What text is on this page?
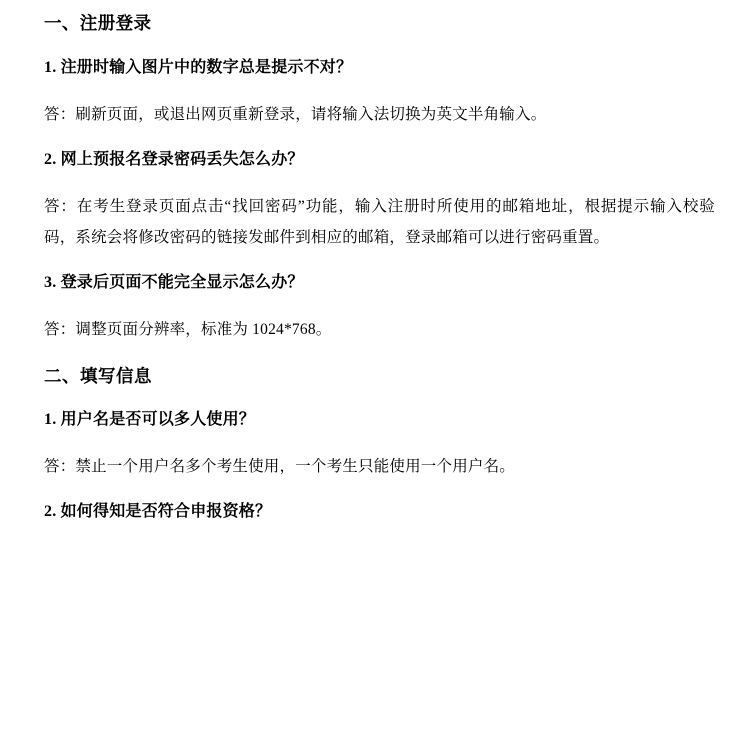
一、注册登录

1. 注册时输入图片中的数字总是提示不对？

答：刷新页面，或退出网页重新登录，请将输入法切换为英文半角输入。

2. 网上预报名登录密码丢失怎么办？

答：在考生登录页面点击“找回密码”功能，输入注册时所使用的邮箱地址，根据提示输入校验码，系统会将修改密码的链接发邮件到相应的邮箱，登录邮箱可以进行密码重置。

3. 登录后页面不能完全显示怎么办？

答：调整页面分辨率，标准为 1024*768。

二、填写信息

1. 用户名是否可以多人使用？

答：禁止一个用户名多个考生使用，一个考生只能使用一个用户名。

2. 如何得知是否符合申报资格？
